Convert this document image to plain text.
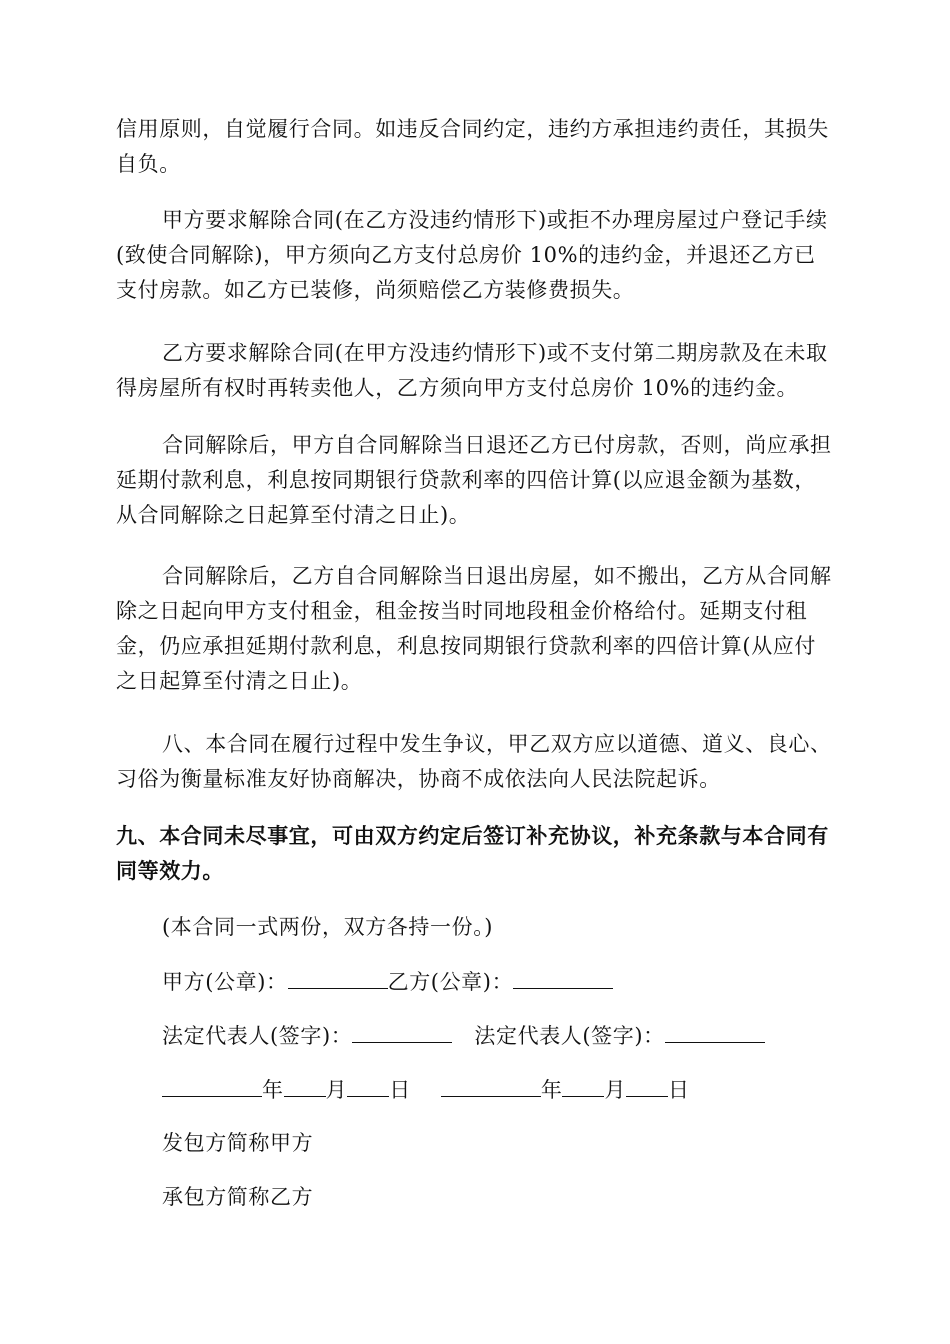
信用原则，自觉履行合同。如违反合同约定，违约方承担违约责任，其损失自负。

甲方要求解除合同(在乙方没违约情形下)或拒不办理房屋过户登记手续(致使合同解除)，甲方须向乙方支付总房价 10%的违约金，并退还乙方已支付房款。如乙方已装修，尚须赔偿乙方装修费损失。

乙方要求解除合同(在甲方没违约情形下)或不支付第二期房款及在未取得房屋所有权时再转卖他人，乙方须向甲方支付总房价 10%的违约金。

合同解除后，甲方自合同解除当日退还乙方已付房款，否则，尚应承担延期付款利息，利息按同期银行贷款利率的四倍计算(以应退金额为基数，从合同解除之日起算至付清之日止)。

合同解除后，乙方自合同解除当日退出房屋，如不搬出，乙方从合同解除之日起向甲方支付租金，租金按当时同地段租金价格给付。延期支付租金，仍应承担延期付款利息，利息按同期银行贷款利率的四倍计算(从应付之日起算至付清之日止)。

八、本合同在履行过程中发生争议，甲乙双方应以道德、道义、良心、习俗为衡量标准友好协商解决，协商不成依法向人民法院起诉。

九、本合同未尽事宜，可由双方约定后签订补充协议，补充条款与本合同有同等效力。

(本合同一式两份，双方各持一份。)

甲方(公章)：	乙方(公章)：

法定代表人(签字)：	法定代表人(签字)：

年 月 日	年 月 日

发包方简称甲方

承包方简称乙方
